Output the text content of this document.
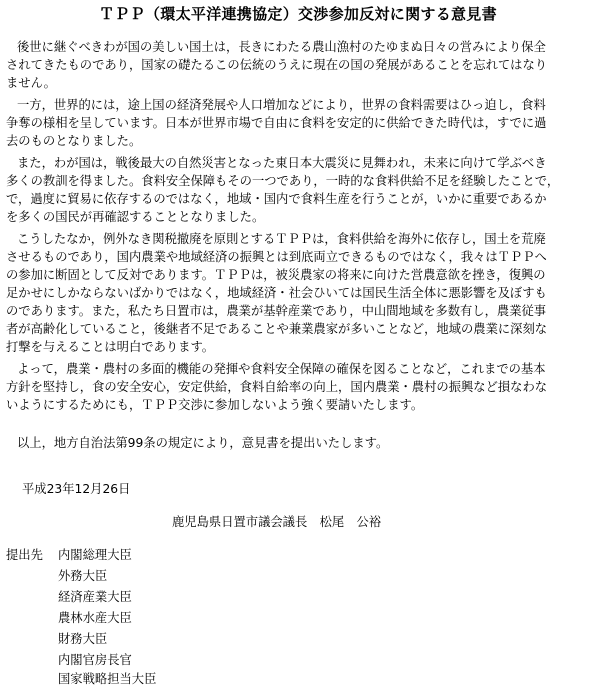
ＴＰＰ（環太平洋連携協定）交渉参加反対に関する意見書
後世に継ぐべきわが国の美しい国土は，長きにわたる農山漁村のたゆまぬ日々の営みにより保全
されてきたものであり，国家の礎たるこの伝統のうえに現在の国の発展があることを忘れてはなり
ません。
一方，世界的には，途上国の経済発展や人口増加などにより，世界の食料需要はひっ迫し，食料
争奪の様相を呈しています。日本が世界市場で自由に食料を安定的に供給できた時代は，すでに過
去のものとなりました。
また，わが国は，戦後最大の自然災害となった東日本大震災に見舞われ，未来に向けて学ぶべき
多くの教訓を得ました。食料安全保障もその一つであり，一時的な食料供給不足を経験したことで，
で，過度に貿易に依存するのではなく，地域・国内で食料生産を行うことが，いかに重要であるか
を多くの国民が再確認することとなりました。
こうしたなか，例外なき関税撤廃を原則とするＴＰＰは，食料供給を海外に依存し，国土を荒廃
させるものであり，国内農業や地域経済の振興とは到底両立できるものではなく，我々はＴＰＰへ
の参加に断固として反対であります。ＴＰＰは，被災農家の将来に向けた営農意欲を挫き，復興の
足かせにしかならないばかりではなく，地域経済・社会ひいては国民生活全体に悪影響を及ぼすも
のであります。また，私たち日置市は，農業が基幹産業であり，中山間地域を多数有し，農業従事
者が高齢化していること，後継者不足であることや兼業農家が多いことなど，地域の農業に深刻な
打撃を与えることは明白であります。
よって，農業・農村の多面的機能の発揮や食料安全保障の確保を図ることなど，これまでの基本
方針を堅持し，食の安全安心，安定供給，食料自給率の向上，国内農業・農村の振興など損なわな
いようにするためにも，ＴＰＰ交渉に参加しないよう強く要請いたします。
以上，地方自治法第99条の規定により，意見書を提出いたします。
平成23年12月26日
鹿児島県日置市議会議長　松尾　公裕
提出先 内閣総理大臣
外務大臣
経済産業大臣
農林水産大臣
財務大臣
内閣官房長官
国家戦略担当大臣
